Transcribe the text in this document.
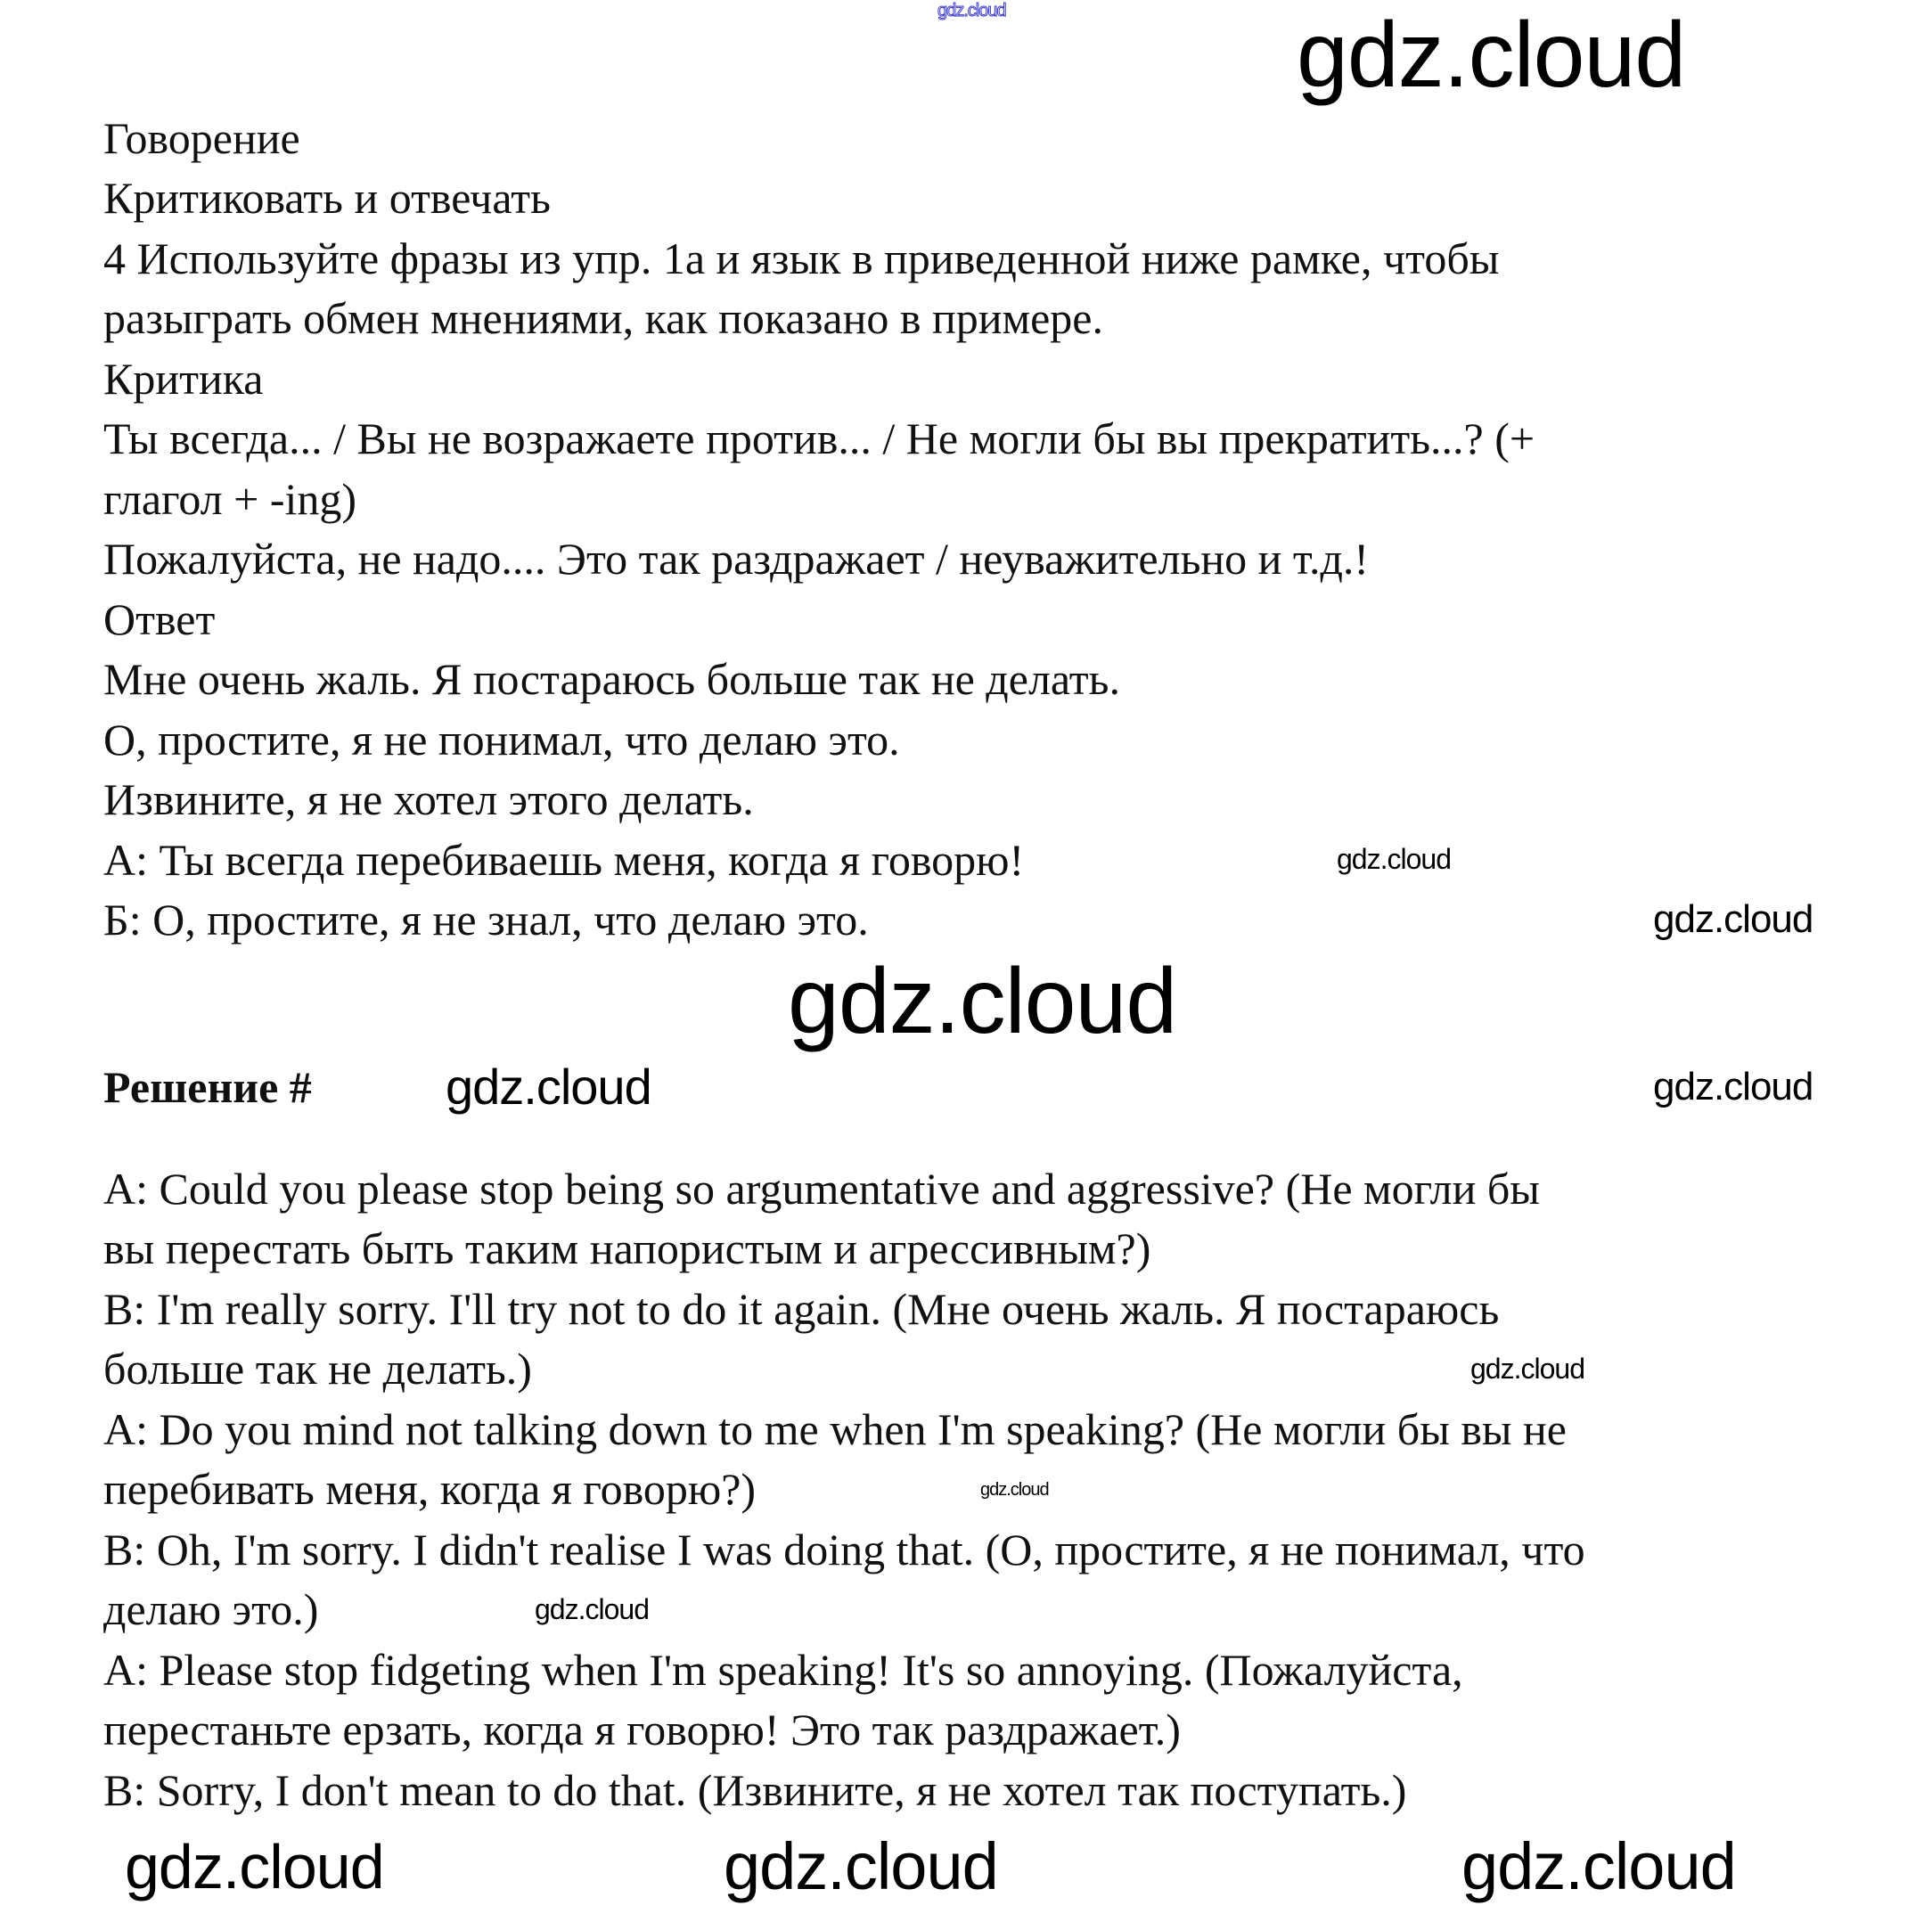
Говорение
Критиковать и отвечать
4 Используйте фразы из упр. 1a и язык в приведенной ниже рамке, чтобы
разыграть обмен мнениями, как показано в примере.
Критика
Ты всегда... / Вы не возражаете против... / Не могли бы вы прекратить...? (+
глагол + -ing)
Пожалуйста, не надо.... Это так раздражает / неуважительно и т.д.!
Ответ
Мне очень жаль. Я постараюсь больше так не делать.
О, простите, я не понимал, что делаю это.
Извините, я не хотел этого делать.
А: Ты всегда перебиваешь меня, когда я говорю!
Б: О, простите, я не знал, что делаю это.
Решение #
A: Could you please stop being so argumentative and aggressive? (Не могли бы
вы перестать быть таким напористым и агрессивным?)
B: I'm really sorry. I'll try not to do it again. (Мне очень жаль. Я постараюсь
больше так не делать.)
A: Do you mind not talking down to me when I'm speaking? (Не могли бы вы не
перебивать меня, когда я говорю?)
B: Oh, I'm sorry. I didn't realise I was doing that. (О, простите, я не понимал, что
делаю это.)
A: Please stop fidgeting when I'm speaking! It's so annoying. (Пожалуйста,
перестаньте ерзать, когда я говорю! Это так раздражает.)
B: Sorry, I don't mean to do that. (Извините, я не хотел так поступать.)
gdz.cloud	gdz.cloud
gdz.cloud
gdz.cloud
gdz.cloud
gdz.cloud	gdz.cloud
gdz.cloud
gdz.cloud
gdz.cloud
gdz.cloud	gdz.cloud	gdz.cloud
